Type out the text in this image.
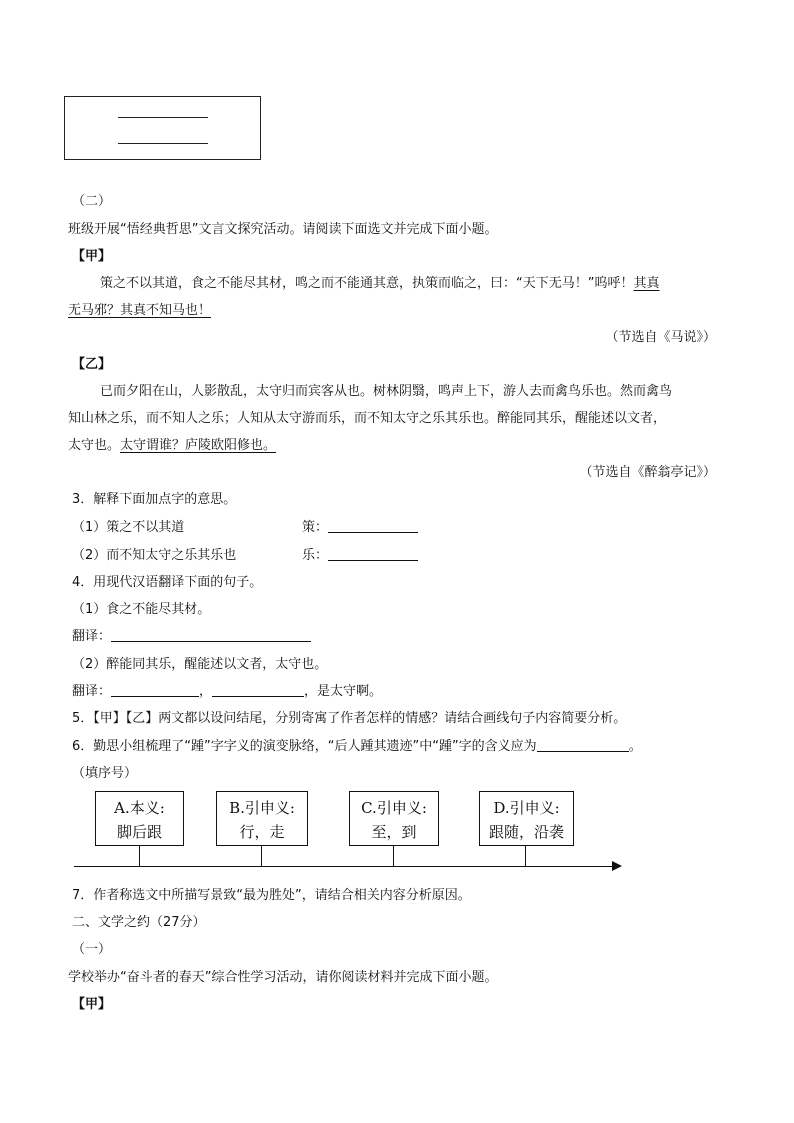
（二）
班级开展“悟经典哲思”文言文探究活动。请阅读下面选文并完成下面小题。
【甲】
策之不以其道，食之不能尽其材，鸣之而不能通其意，执策而临之，曰：“天下无马！”呜呼！其真
无马邪？其真不知马也！
（节选自《马说》）
【乙】
已而夕阳在山，人影散乱，太守归而宾客从也。树林阴翳，鸣声上下，游人去而禽鸟乐也。然而禽鸟
知山林之乐，而不知人之乐；人知从太守游而乐，而不知太守之乐其乐也。醉能同其乐，醒能述以文者，
太守也。太守谓谁？庐陵欧阳修也。
（节选自《醉翁亭记》）
3．解释下面加点字的意思。
（1）策之不以其道	策：
（2）而不知太守之乐其乐也	乐：
4．用现代汉语翻译下面的句子。
（1）食之不能尽其材。
翻译：
（2）醉能同其乐，醒能述以文者，太守也。
翻译：	，	，是太守啊。
5．【甲】【乙】两文都以设问结尾，分别寄寓了作者怎样的情感？请结合画线句子内容简要分析。
6．勤思小组梳理了“踵”字字义的演变脉络，“后人踵其遗迹”中“踵”字的含义应为	。
（填序号）
A.本义:
脚后跟
B.引申义:
行，走
C.引申义:
至，到
D.引申义:
跟随，沿袭
7．作者称选文中所描写景致“最为胜处”，请结合相关内容分析原因。
二、文学之约（27分）
（一）
学校举办“奋斗者的春天”综合性学习活动，请你阅读材料并完成下面小题。
【甲】
